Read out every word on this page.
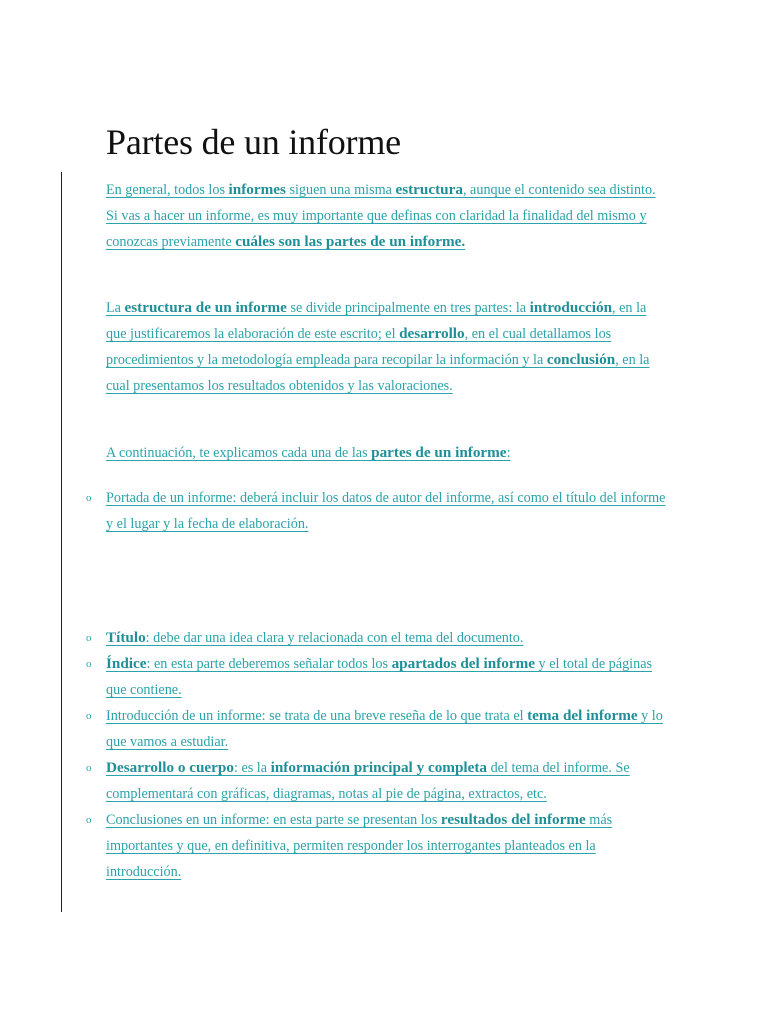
Partes de un informe
En general, todos los informes siguen una misma estructura, aunque el contenido sea distinto. Si vas a hacer un informe, es muy importante que definas con claridad la finalidad del mismo y conozcas previamente cuáles son las partes de un informe.
La estructura de un informe se divide principalmente en tres partes: la introducción, en la que justificaremos la elaboración de este escrito; el desarrollo, en el cual detallamos los procedimientos y la metodología empleada para recopilar la información y la conclusión, en la cual presentamos los resultados obtenidos y las valoraciones.
A continuación, te explicamos cada una de las partes de un informe:
o Portada de un informe: deberá incluir los datos de autor del informe, así como el título del informe y el lugar y la fecha de elaboración.
o Título: debe dar una idea clara y relacionada con el tema del documento.
o Índice: en esta parte deberemos señalar todos los apartados del informe y el total de páginas que contiene.
o Introducción de un informe: se trata de una breve reseña de lo que trata el tema del informe y lo que vamos a estudiar.
o Desarrollo o cuerpo: es la información principal y completa del tema del informe. Se complementará con gráficas, diagramas, notas al pie de página, extractos, etc.
o Conclusiones en un informe: en esta parte se presentan los resultados del informe más importantes y que, en definitiva, permiten responder los interrogantes planteados en la introducción.
